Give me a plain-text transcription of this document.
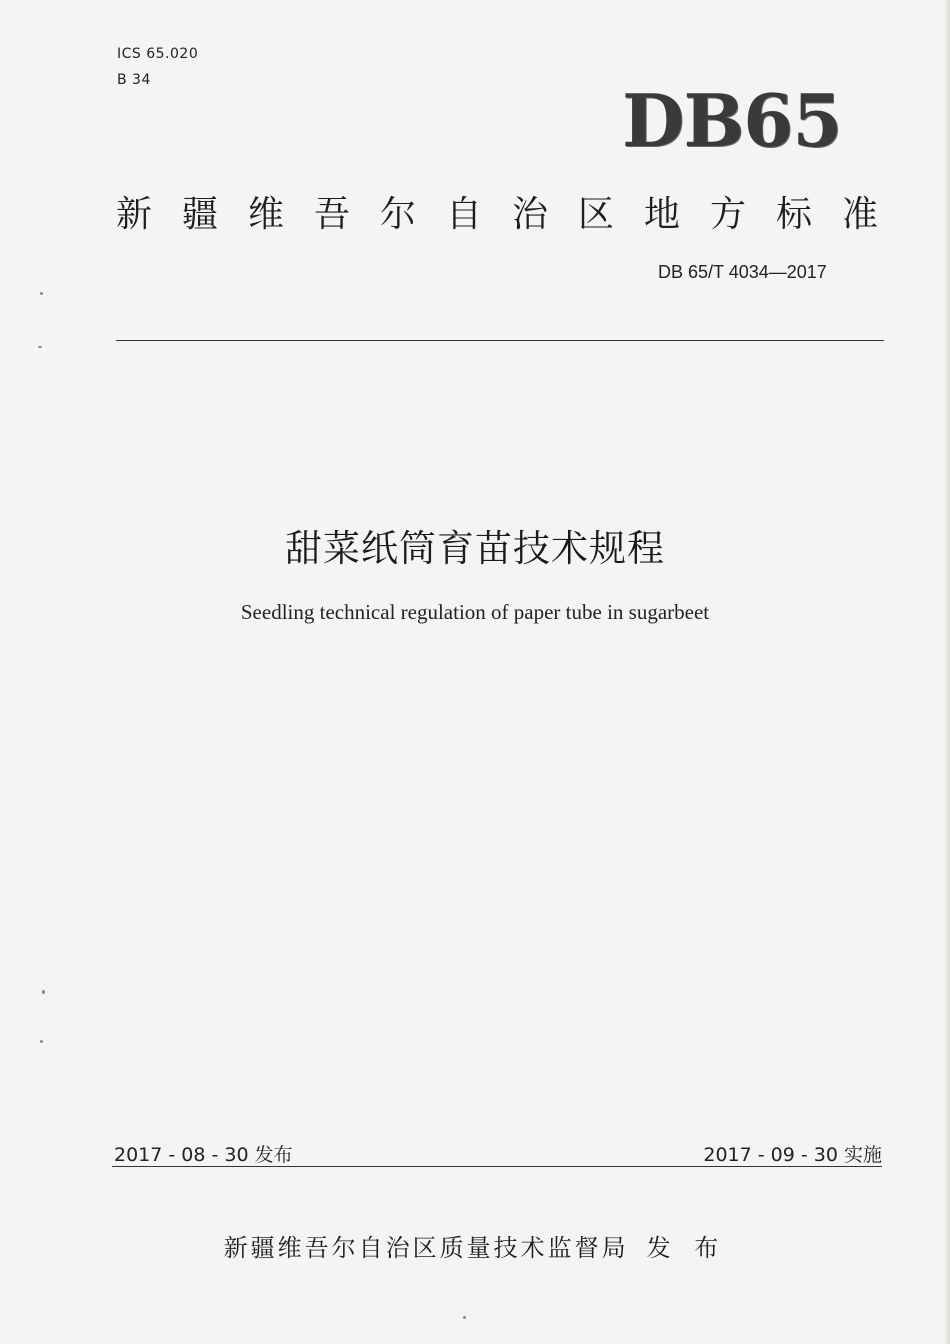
ICS 65.020
B 34	DB65
新疆维吾尔自治区地方标准
DB 65/T 4034—2017
甜菜纸筒育苗技术规程
Seedling technical regulation of paper tube in sugarbeet
2017 - 08 - 30 发布	2017 - 09 - 30 实施
新疆维吾尔自治区质量技术监督局 发 布
